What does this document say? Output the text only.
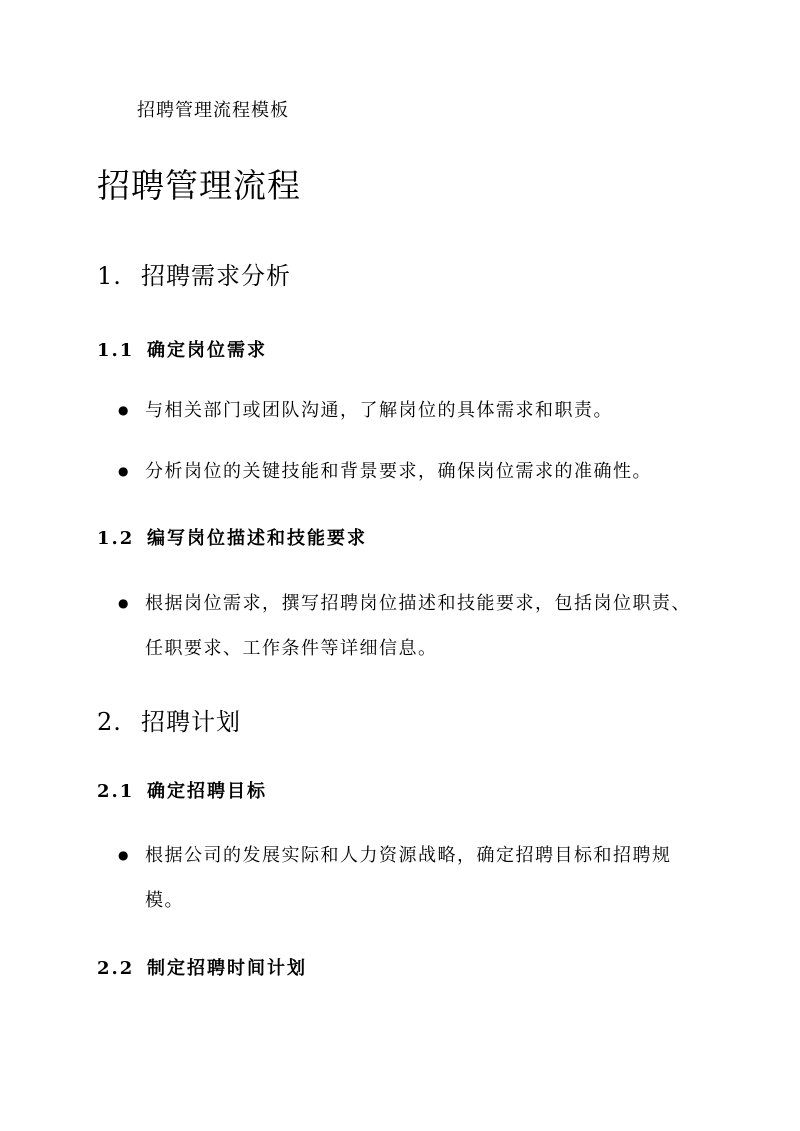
招聘管理流程模板
招聘管理流程
1. 招聘需求分析
1.1 确定岗位需求
● 与相关部门或团队沟通，了解岗位的具体需求和职责。
● 分析岗位的关键技能和背景要求，确保岗位需求的准确性。
1.2 编写岗位描述和技能要求
● 根据岗位需求，撰写招聘岗位描述和技能要求，包括岗位职责、任职要求、工作条件等详细信息。
2. 招聘计划
2.1 确定招聘目标
● 根据公司的发展实际和人力资源战略，确定招聘目标和招聘规模。
2.2 制定招聘时间计划
